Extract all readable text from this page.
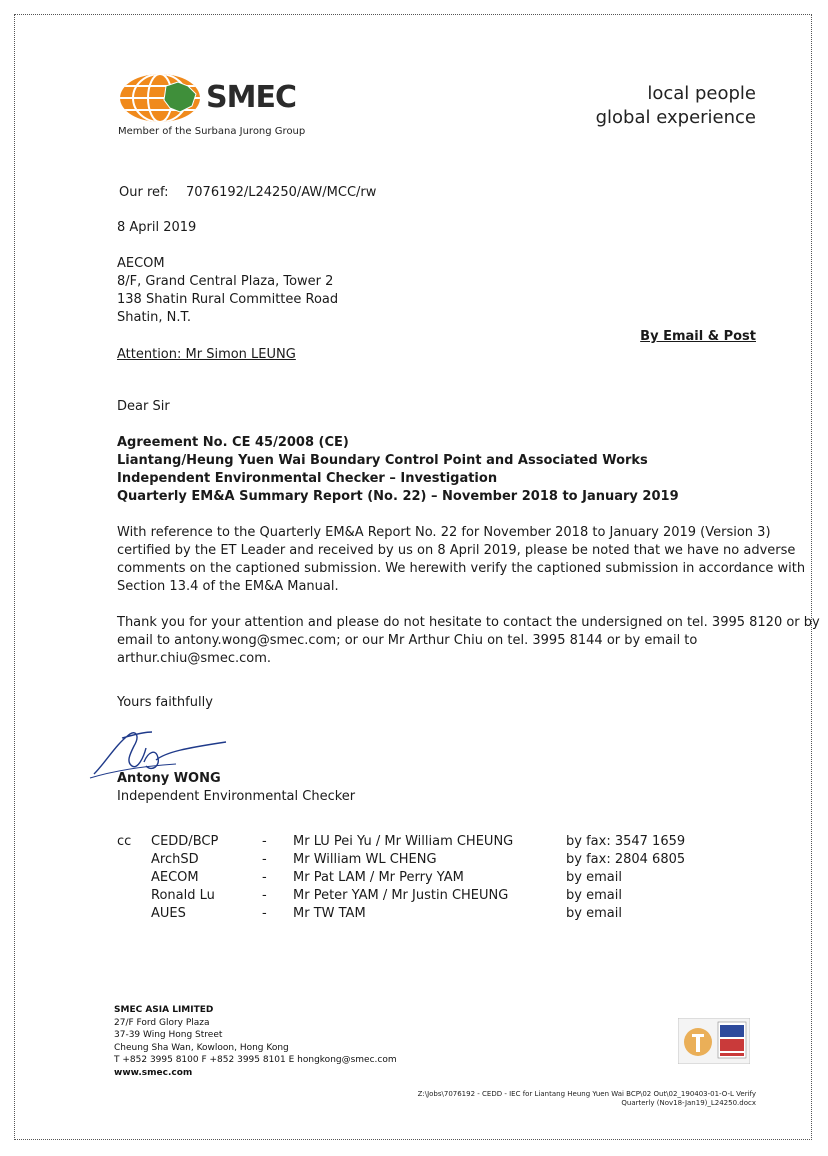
SMEC
Member of the Surbana Jurong Group
local people
global experience
Our ref: 7076192/L24250/AW/MCC/rw
8 April 2019
AECOM
8/F, Grand Central Plaza, Tower 2
138 Shatin Rural Committee Road
Shatin, N.T.
By Email & Post
Attention: Mr Simon LEUNG
Dear Sir
Agreement No. CE 45/2008 (CE)
Liantang/Heung Yuen Wai Boundary Control Point and Associated Works
Independent Environmental Checker – Investigation
Quarterly EM&A Summary Report (No. 22) – November 2018 to January 2019
With reference to the Quarterly EM&A Report No. 22 for November 2018 to January 2019 (Version 3)
certified by the ET Leader and received by us on 8 April 2019, please be noted that we have no adverse
comments on the captioned submission. We herewith verify the captioned submission in accordance with
Section 13.4 of the EM&A Manual.
Thank you for your attention and please do not hesitate to contact the undersigned on tel. 3995 8120 or by
email to antony.wong@smec.com; or our Mr Arthur Chiu on tel. 3995 8144 or by email to
arthur.chiu@smec.com.
Yours faithfully
Antony WONG
Independent Environmental Checker
cc CEDD/BCP	- Mr LU Pei Yu / Mr William CHEUNG	by fax: 3547 1659
ArchSD	- Mr William WL CHENG	by fax: 2804 6805
AECOM	- Mr Pat LAM / Mr Perry YAM	by email
Ronald Lu	- Mr Peter YAM / Mr Justin CHEUNG	by email
AUES	- Mr TW TAM	by email
SMEC ASIA LIMITED
27/F Ford Glory Plaza
37-39 Wing Hong Street
Cheung Sha Wan, Kowloon, Hong Kong
T +852 3995 8100 F +852 3995 8101 E hongkong@smec.com
www.smec.com
Z:\Jobs\7076192 - CEDD - IEC for Liantang Heung Yuen Wai BCP\02 Out\02_190403-01-O-L Verify
Quarterly (Nov18-Jan19)_L24250.docx
